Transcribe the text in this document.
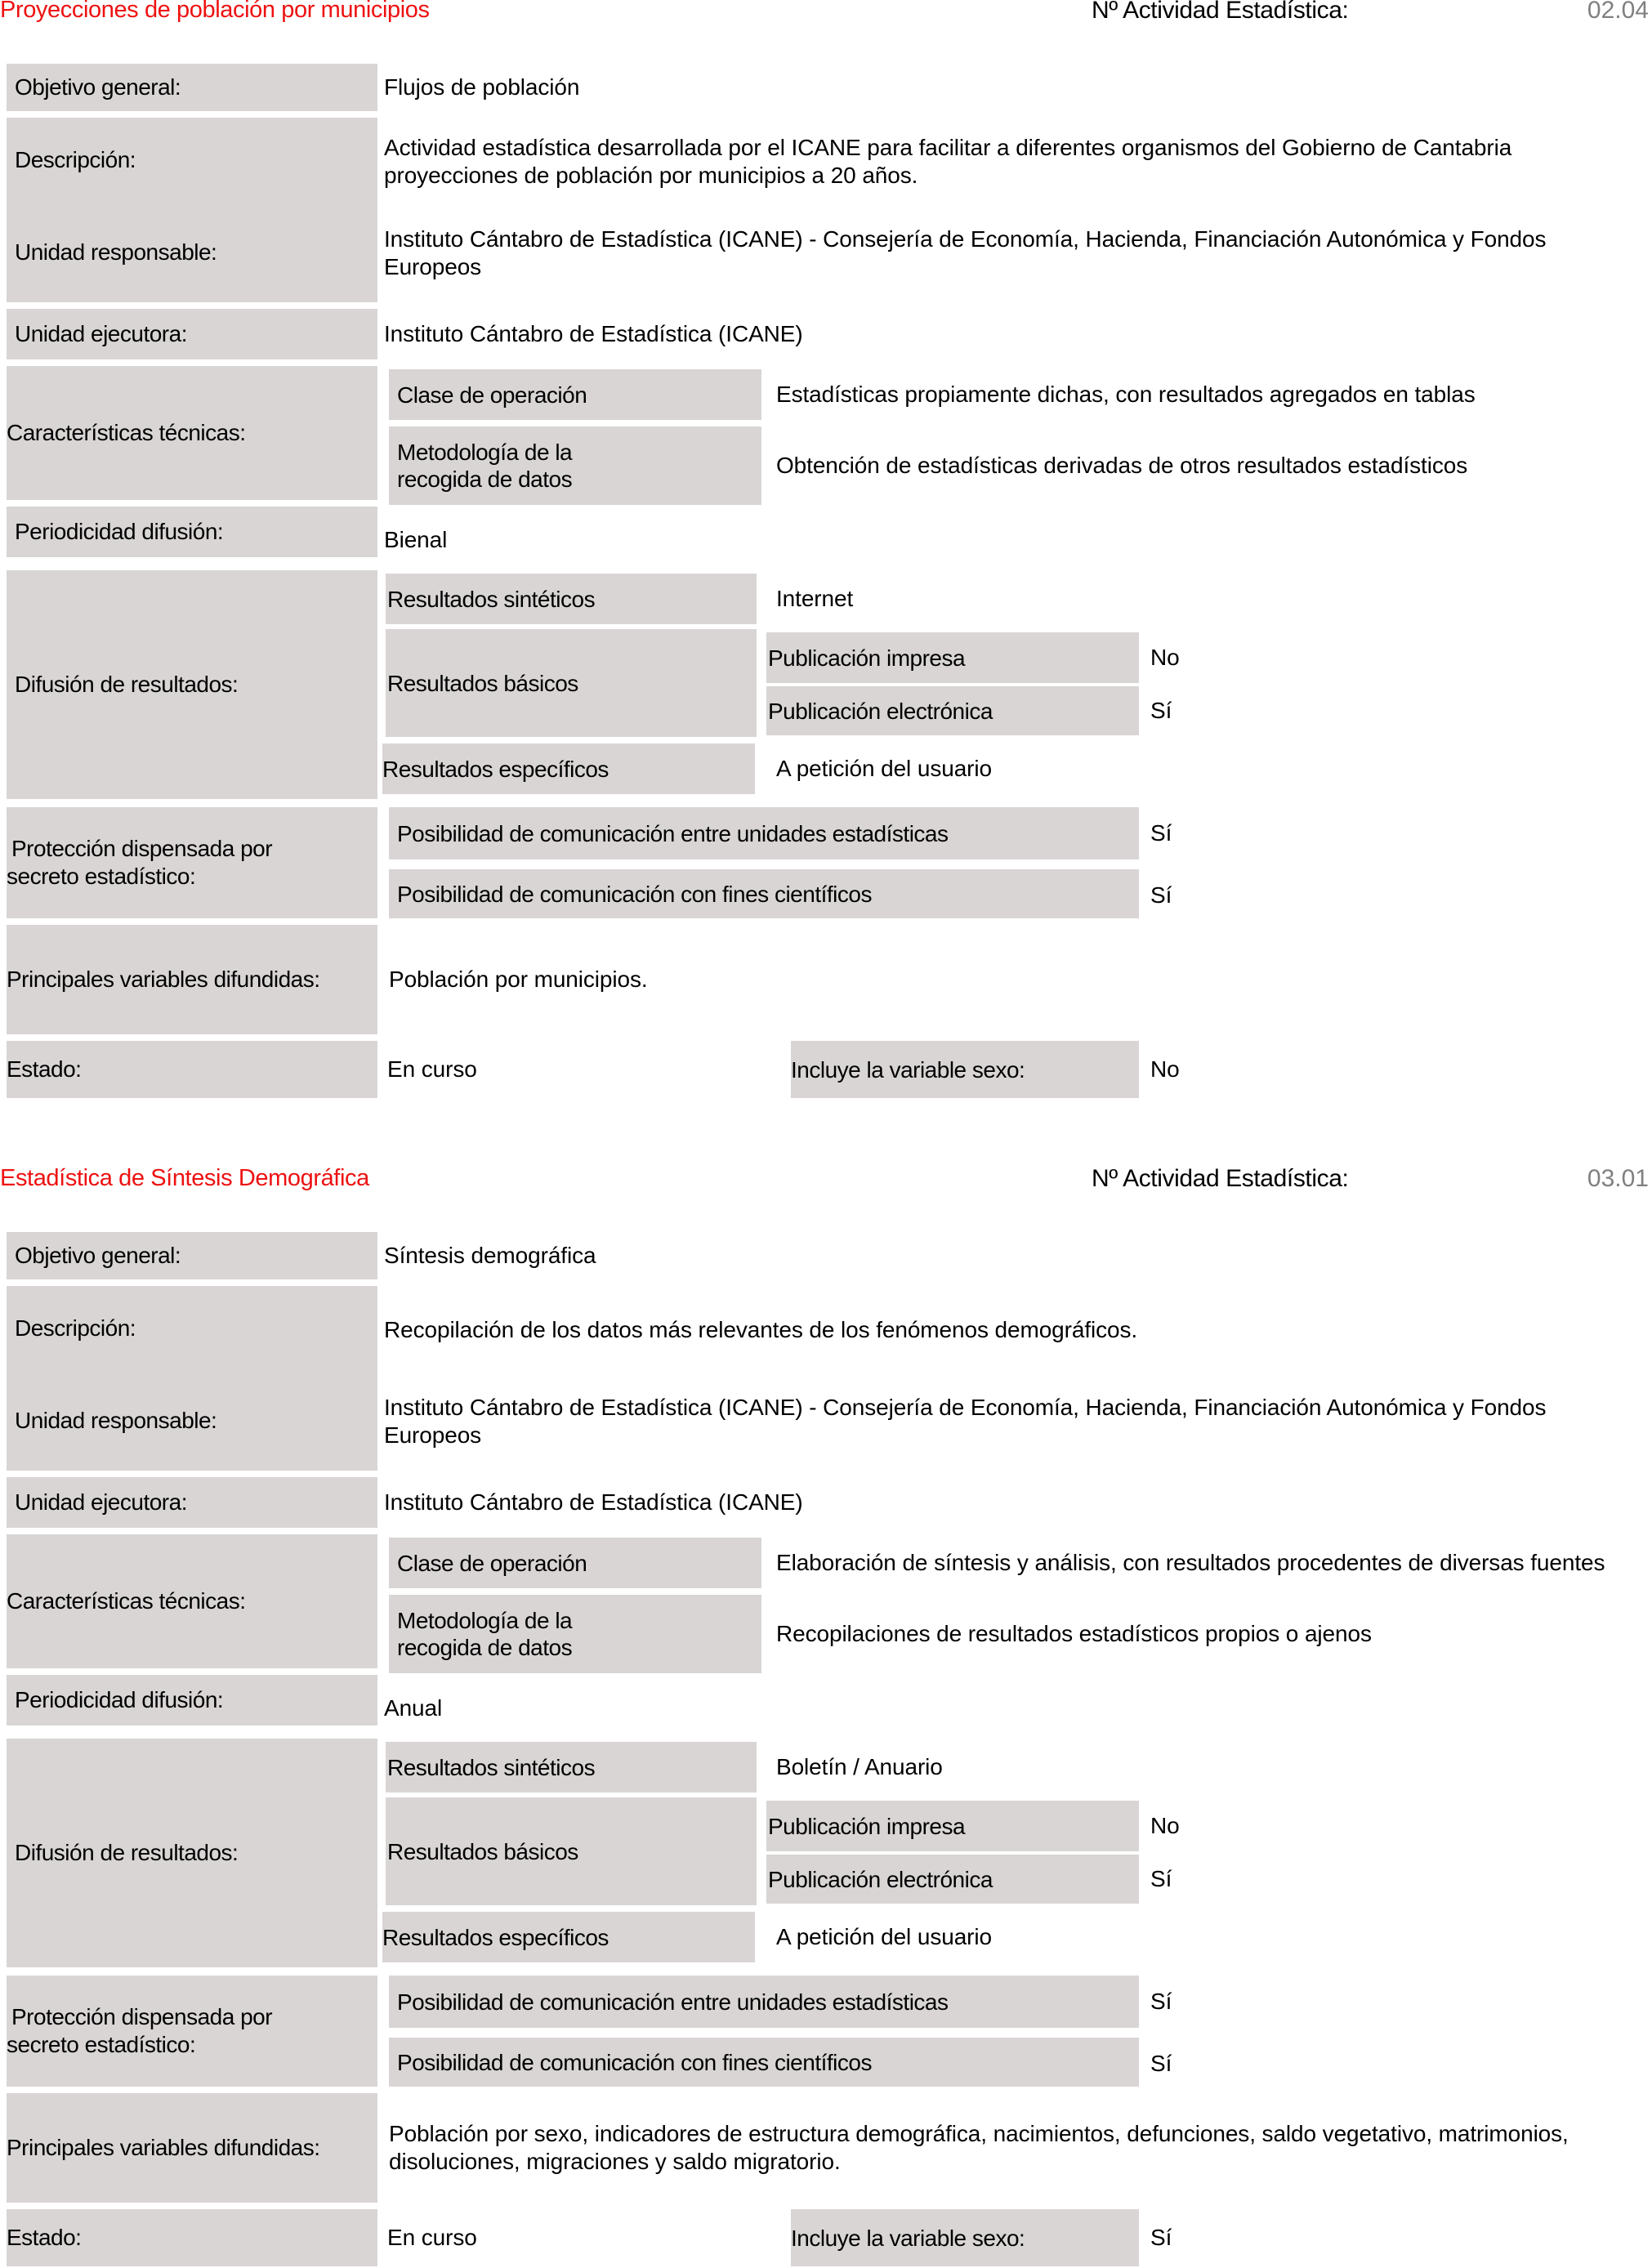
Proyecciones de población por municipios	Nº Actividad Estadística:	02.04
Objetivo general:	Flujos de población
Descripción:	Actividad estadística desarrollada por el ICANE para facilitar a diferentes organismos del Gobierno de Cantabria proyecciones de población por municipios a 20 años.
Unidad responsable:
Instituto Cántabro de Estadística (ICANE) - Consejería de Economía, Hacienda, Financiación Autonómica y Fondos Europeos
Unidad ejecutora:	Instituto Cántabro de Estadística (ICANE)
Características técnicas:
Clase de operación	Estadísticas propiamente dichas, con resultados agregados en tablas
Metodología de la recogida de datos
Obtención de estadísticas derivadas de otros resultados estadísticos
Periodicidad difusión:	Bienal
Difusión de resultados:
Resultados sintéticos	Internet
Resultados básicos
Publicación impresa	No
Publicación electrónica	Sí
Resultados específicos	A petición del usuario
Protección dispensada por secreto estadístico:
Posibilidad de comunicación entre unidades estadísticas	Sí
Posibilidad de comunicación con fines científicos	Sí
Principales variables difundidas:	Población por municipios.
Estado:	En curso	Incluye la variable sexo:	No
Estadística de Síntesis Demográfica	Nº Actividad Estadística:	03.01
Objetivo general:	Síntesis demográfica
Descripción:	Recopilación de los datos más relevantes de los fenómenos demográficos.
Unidad responsable:
Instituto Cántabro de Estadística (ICANE) - Consejería de Economía, Hacienda, Financiación Autonómica y Fondos Europeos
Unidad ejecutora:	Instituto Cántabro de Estadística (ICANE)
Características técnicas:
Clase de operación	Elaboración de síntesis y análisis, con resultados procedentes de diversas fuentes
Metodología de la recogida de datos
Recopilaciones de resultados estadísticos propios o ajenos
Periodicidad difusión:	Anual
Difusión de resultados:
Resultados sintéticos	Boletín / Anuario
Resultados básicos
Publicación impresa	No
Publicación electrónica	Sí
Resultados específicos	A petición del usuario
Protección dispensada por secreto estadístico:
Posibilidad de comunicación entre unidades estadísticas	Sí
Posibilidad de comunicación con fines científicos	Sí
Principales variables difundidas:
Población por sexo, indicadores de estructura demográfica, nacimientos, defunciones, saldo vegetativo, matrimonios, disoluciones, migraciones y saldo migratorio.
Estado:	En curso	Incluye la variable sexo:	Sí
